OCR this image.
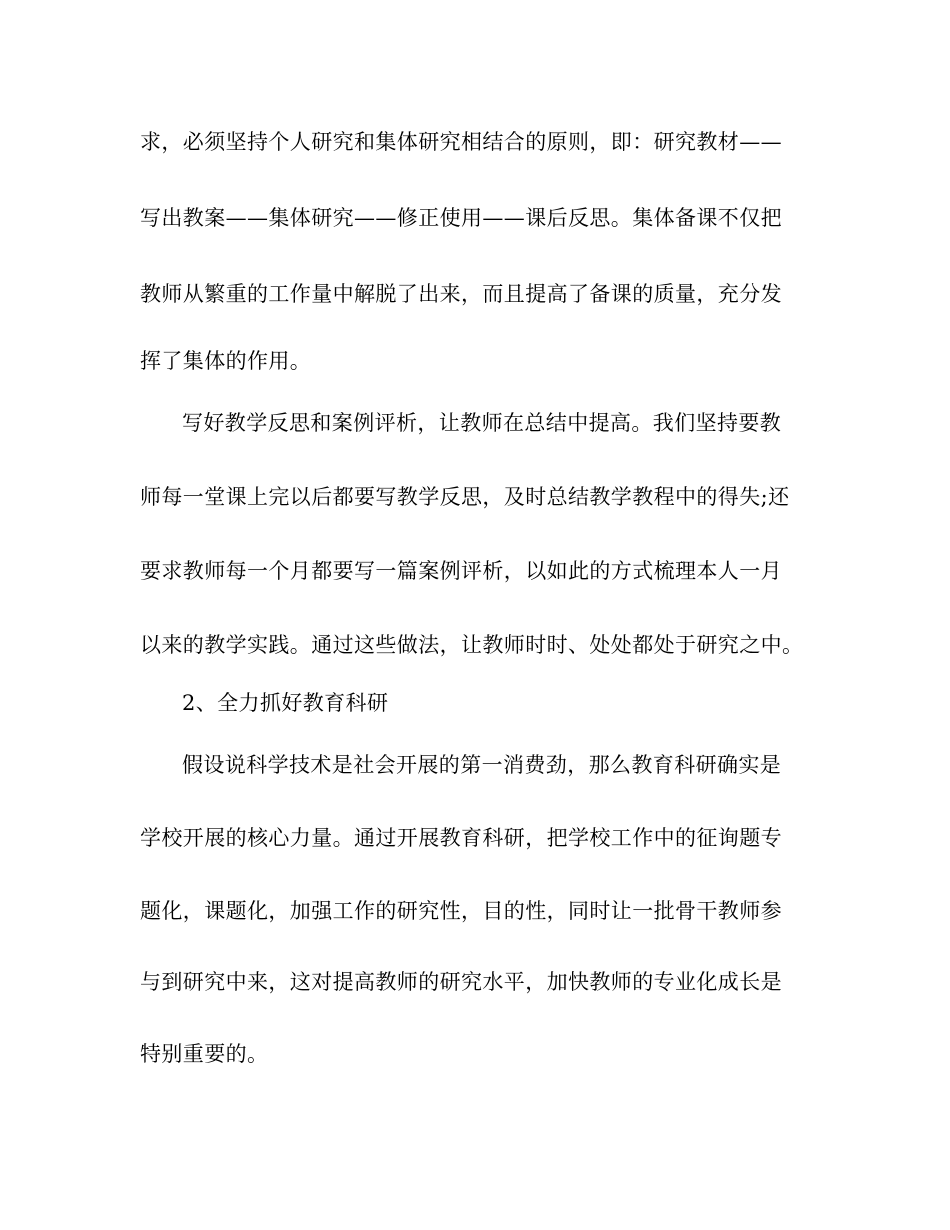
求，必须坚持个人研究和集体研究相结合的原则，即：研究教材——
写出教案——集体研究——修正使用——课后反思。集体备课不仅把
教师从繁重的工作量中解脱了出来，而且提高了备课的质量，充分发
挥了集体的作用。
写好教学反思和案例评析，让教师在总结中提高。我们坚持要教
师每一堂课上完以后都要写教学反思，及时总结教学教程中的得失;还
要求教师每一个月都要写一篇案例评析，以如此的方式梳理本人一月
以来的教学实践。通过这些做法，让教师时时、处处都处于研究之中。
2、全力抓好教育科研
假设说科学技术是社会开展的第一消费劲，那么教育科研确实是
学校开展的核心力量。通过开展教育科研，把学校工作中的征询题专
题化，课题化，加强工作的研究性，目的性，同时让一批骨干教师参
与到研究中来，这对提高教师的研究水平，加快教师的专业化成长是
特别重要的。
